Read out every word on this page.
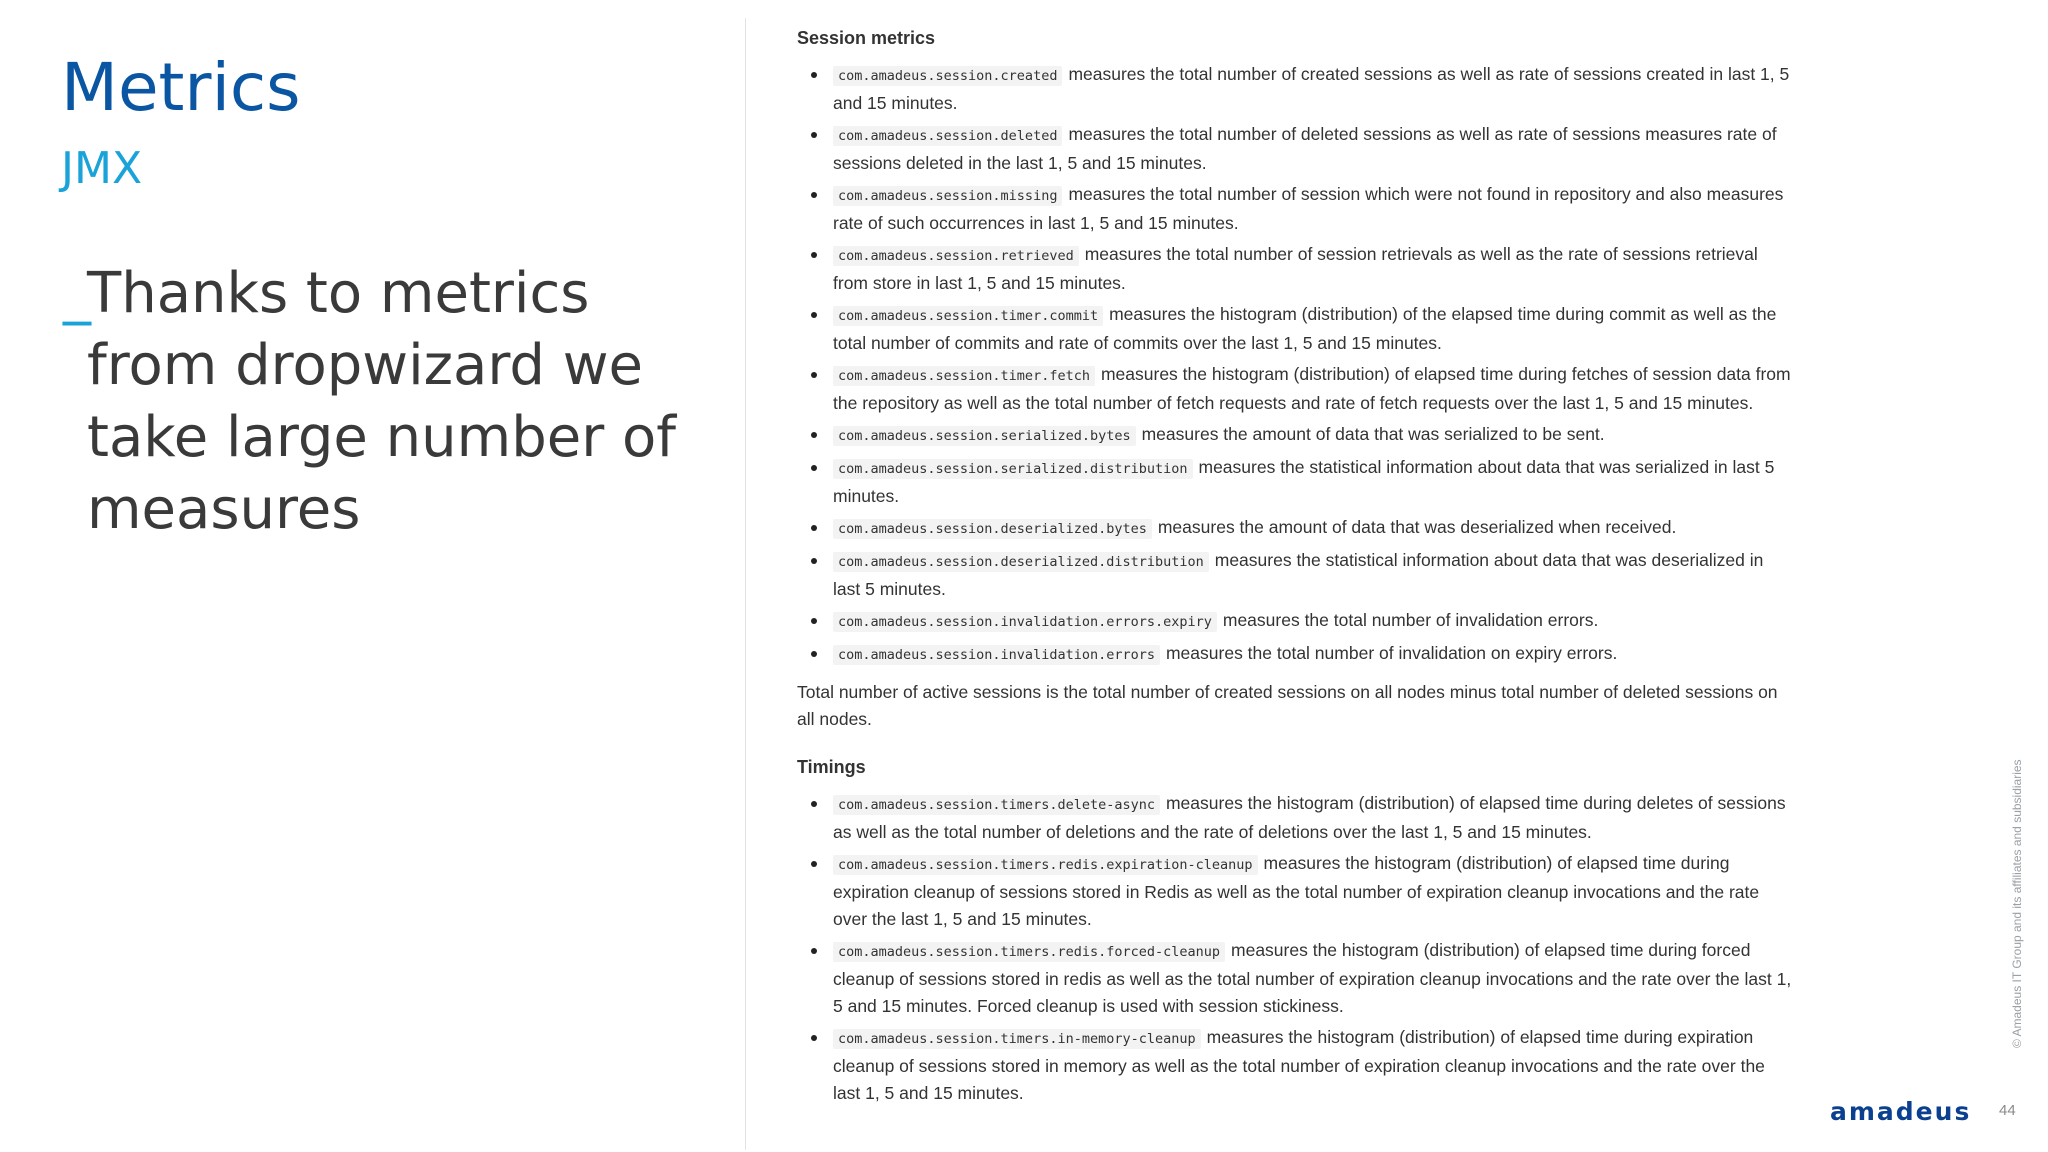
Metrics
JMX
_
Thanks to metrics from dropwizard we take large number of measures
Session metrics
com.amadeus.session.created measures the total number of created sessions as well as rate of sessions created in last 1, 5 and 15 minutes.
com.amadeus.session.deleted measures the total number of deleted sessions as well as rate of sessions measures rate of sessions deleted in the last 1, 5 and 15 minutes.
com.amadeus.session.missing measures the total number of session which were not found in repository and also measures rate of such occurrences in last 1, 5 and 15 minutes.
com.amadeus.session.retrieved measures the total number of session retrievals as well as the rate of sessions retrieval from store in last 1, 5 and 15 minutes.
com.amadeus.session.timer.commit measures the histogram (distribution) of the elapsed time during commit as well as the total number of commits and rate of commits over the last 1, 5 and 15 minutes.
com.amadeus.session.timer.fetch measures the histogram (distribution) of elapsed time during fetches of session data from the repository as well as the total number of fetch requests and rate of fetch requests over the last 1, 5 and 15 minutes.
com.amadeus.session.serialized.bytes measures the amount of data that was serialized to be sent.
com.amadeus.session.serialized.distribution measures the statistical information about data that was serialized in last 5 minutes.
com.amadeus.session.deserialized.bytes measures the amount of data that was deserialized when received.
com.amadeus.session.deserialized.distribution measures the statistical information about data that was deserialized in last 5 minutes.
com.amadeus.session.invalidation.errors.expiry measures the total number of invalidation errors.
com.amadeus.session.invalidation.errors measures the total number of invalidation on expiry errors.

Total number of active sessions is the total number of created sessions on all nodes minus total number of deleted sessions on all nodes.

Timings
com.amadeus.session.timers.delete-async measures the histogram (distribution) of elapsed time during deletes of sessions as well as the total number of deletions and the rate of deletions over the last 1, 5 and 15 minutes.
com.amadeus.session.timers.redis.expiration-cleanup measures the histogram (distribution) of elapsed time during expiration cleanup of sessions stored in Redis as well as the total number of expiration cleanup invocations and the rate over the last 1, 5 and 15 minutes.
com.amadeus.session.timers.redis.forced-cleanup measures the histogram (distribution) of elapsed time during forced cleanup of sessions stored in redis as well as the total number of expiration cleanup invocations and the rate over the last 1, 5 and 15 minutes. Forced cleanup is used with session stickiness.
com.amadeus.session.timers.in-memory-cleanup measures the histogram (distribution) of elapsed time during expiration cleanup of sessions stored in memory as well as the total number of expiration cleanup invocations and the rate over the last 1, 5 and 15 minutes.
© Amadeus IT Group and its affiliates and subsidiaries
amadeus 44
